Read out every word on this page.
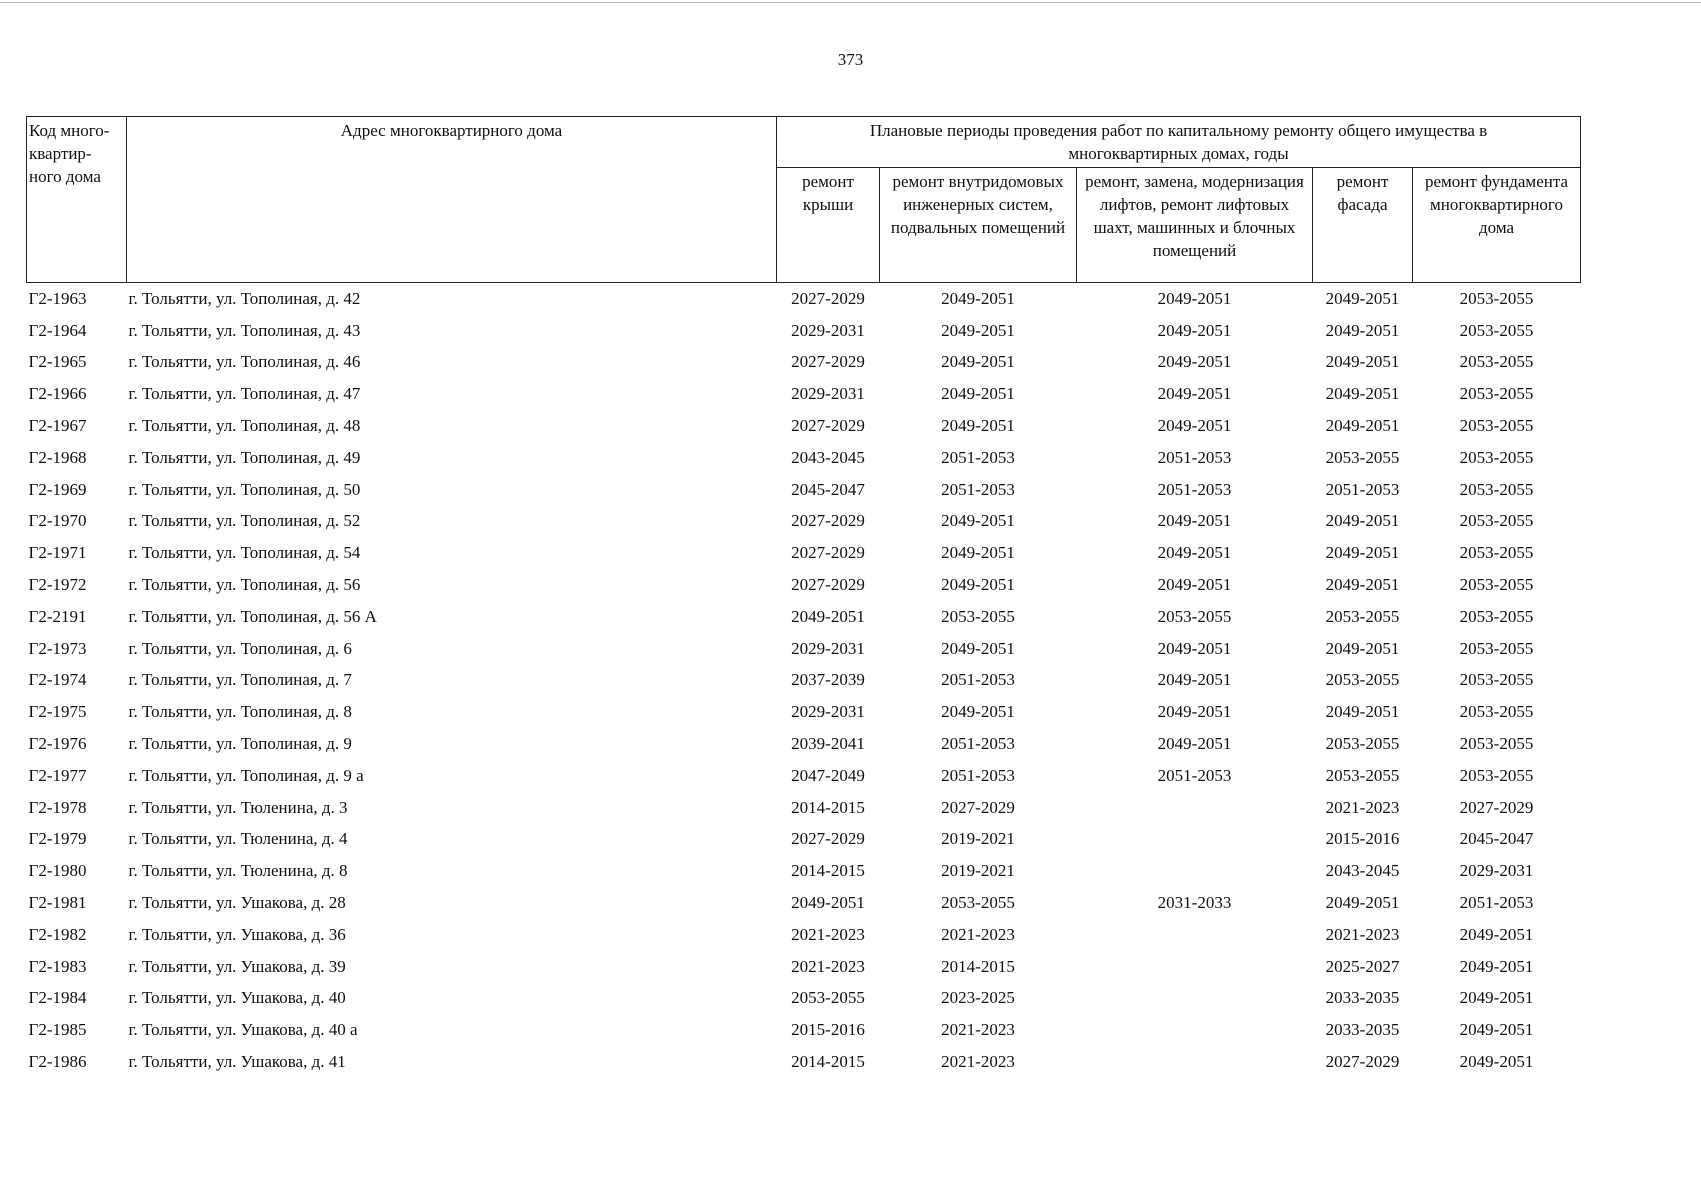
373
Код много-квартир-ного дома	Адрес многоквартирного дома	Плановые периоды проведения работ по капитальному ремонту общего имущества в многоквартирных домах, годы				
		ремонт крыши	ремонт внутридомовых инженерных систем, подвальных помещений	ремонт, замена, модернизация лифтов, ремонт лифтовых шахт, машинных и блочных помещений	ремонт фасада	ремонт фундамента многоквартирного дома
Г2-1963	г. Тольятти, ул. Тополиная, д. 42	2027-2029	2049-2051	2049-2051	2049-2051	2053-2055
Г2-1964	г. Тольятти, ул. Тополиная, д. 43	2029-2031	2049-2051	2049-2051	2049-2051	2053-2055
Г2-1965	г. Тольятти, ул. Тополиная, д. 46	2027-2029	2049-2051	2049-2051	2049-2051	2053-2055
Г2-1966	г. Тольятти, ул. Тополиная, д. 47	2029-2031	2049-2051	2049-2051	2049-2051	2053-2055
Г2-1967	г. Тольятти, ул. Тополиная, д. 48	2027-2029	2049-2051	2049-2051	2049-2051	2053-2055
Г2-1968	г. Тольятти, ул. Тополиная, д. 49	2043-2045	2051-2053	2051-2053	2053-2055	2053-2055
Г2-1969	г. Тольятти, ул. Тополиная, д. 50	2045-2047	2051-2053	2051-2053	2051-2053	2053-2055
Г2-1970	г. Тольятти, ул. Тополиная, д. 52	2027-2029	2049-2051	2049-2051	2049-2051	2053-2055
Г2-1971	г. Тольятти, ул. Тополиная, д. 54	2027-2029	2049-2051	2049-2051	2049-2051	2053-2055
Г2-1972	г. Тольятти, ул. Тополиная, д. 56	2027-2029	2049-2051	2049-2051	2049-2051	2053-2055
Г2-2191	г. Тольятти, ул. Тополиная, д. 56 А	2049-2051	2053-2055	2053-2055	2053-2055	2053-2055
Г2-1973	г. Тольятти, ул. Тополиная, д. 6	2029-2031	2049-2051	2049-2051	2049-2051	2053-2055
Г2-1974	г. Тольятти, ул. Тополиная, д. 7	2037-2039	2051-2053	2049-2051	2053-2055	2053-2055
Г2-1975	г. Тольятти, ул. Тополиная, д. 8	2029-2031	2049-2051	2049-2051	2049-2051	2053-2055
Г2-1976	г. Тольятти, ул. Тополиная, д. 9	2039-2041	2051-2053	2049-2051	2053-2055	2053-2055
Г2-1977	г. Тольятти, ул. Тополиная, д. 9 а	2047-2049	2051-2053	2051-2053	2053-2055	2053-2055
Г2-1978	г. Тольятти, ул. Тюленина, д. 3	2014-2015	2027-2029		2021-2023	2027-2029
Г2-1979	г. Тольятти, ул. Тюленина, д. 4	2027-2029	2019-2021		2015-2016	2045-2047
Г2-1980	г. Тольятти, ул. Тюленина, д. 8	2014-2015	2019-2021		2043-2045	2029-2031
Г2-1981	г. Тольятти, ул. Ушакова, д. 28	2049-2051	2053-2055	2031-2033	2049-2051	2051-2053
Г2-1982	г. Тольятти, ул. Ушакова, д. 36	2021-2023	2021-2023		2021-2023	2049-2051
Г2-1983	г. Тольятти, ул. Ушакова, д. 39	2021-2023	2014-2015		2025-2027	2049-2051
Г2-1984	г. Тольятти, ул. Ушакова, д. 40	2053-2055	2023-2025		2033-2035	2049-2051
Г2-1985	г. Тольятти, ул. Ушакова, д. 40 а	2015-2016	2021-2023		2033-2035	2049-2051
Г2-1986	г. Тольятти, ул. Ушакова, д. 41	2014-2015	2021-2023		2027-2029	2049-2051
